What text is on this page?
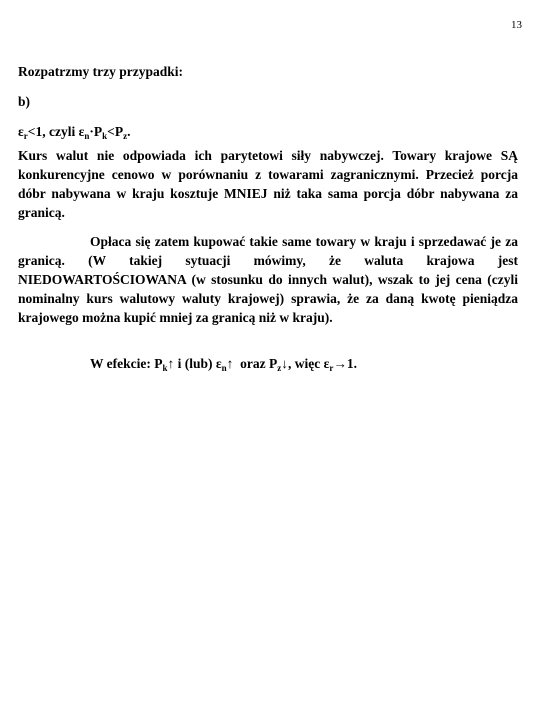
13
Rozpatrzmy trzy przypadki:
b)
$\varepsilon_r<1$, czyli $\varepsilon_n\cdot P_k<P_z$.
Kurs walut nie odpowiada ich parytetowi siły nabywczej. Towary krajowe SĄ konkurencyjne cenowo w porównaniu z towarami zagranicznymi. Przecież porcja dóbr nabywana w kraju kosztuje MNIEJ niż taka sama porcja dóbr nabywana za granicą.
Opłaca się zatem kupować takie same towary w kraju i sprzedawać je za granicą. (W takiej sytuacji mówimy, że waluta krajowa jest NIEDOWARTOŚCIOWANA (w stosunku do innych walut), wszak to jej cena (czyli nominalny kurs walutowy waluty krajowej) sprawia, że za daną kwotę pieniądza krajowego można kupić mniej za granicą niż w kraju).
W efekcie: $P_k↑$ i (lub) $\varepsilon_n↑$  oraz $P_z↓$, więc $\varepsilon_r\to 1$.
